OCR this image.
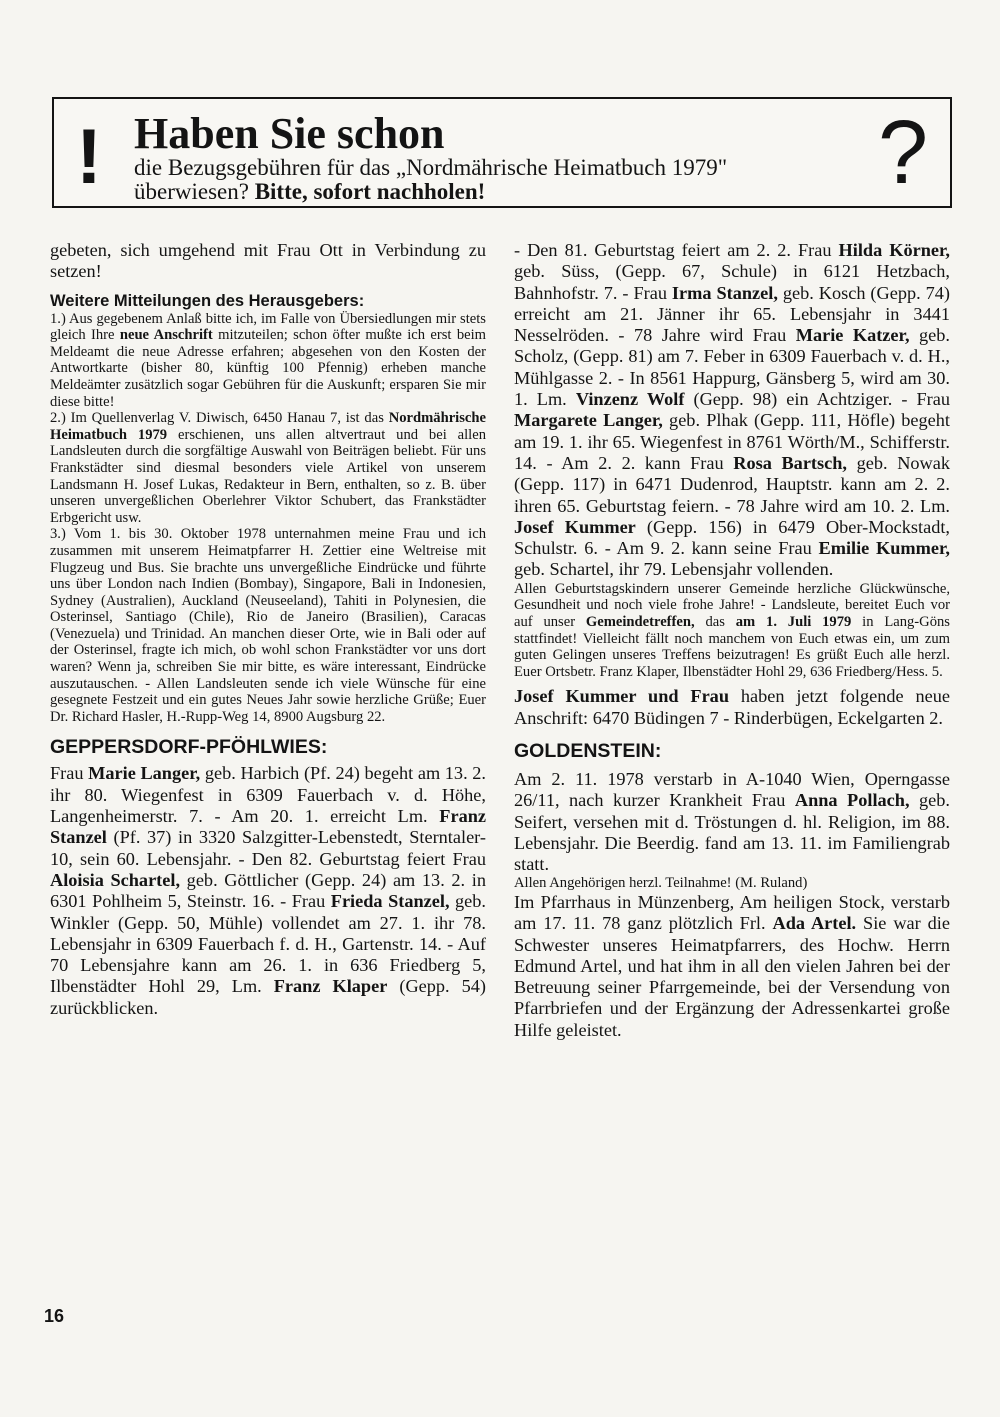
! Haben Sie schon
die Bezugsgebühren für das „Nordmährische Heimatbuch 1979"
überwiesen? Bitte, sofort nachholen!	?

gebeten, sich umgehend mit Frau Ott in Verbindung zu setzen!

Weitere Mitteilungen des Herausgebers:

1.) Aus gegebenem Anlaß bitte ich, im Falle von Übersiedlungen mir stets gleich Ihre neue Anschrift mitzuteilen; schon öfter mußte ich erst beim Meldeamt die neue Adresse erfahren; abgesehen von den Kosten der Antwortkarte (bisher 80, künftig 100 Pfennig) erheben manche Meldeämter zusätzlich sogar Gebühren für die Auskunft; ersparen Sie mir diese bitte!

2.) Im Quellenverlag V. Diwisch, 6450 Hanau 7, ist das Nordmährische Heimatbuch 1979 erschienen, uns allen altvertraut und bei allen Landsleuten durch die sorgfältige Auswahl von Beiträgen beliebt. Für uns Frankstädter sind diesmal besonders viele Artikel von unserem Landsmann H. Josef Lukas, Redakteur in Bern, enthalten, so z. B. über unseren unvergeßlichen Oberlehrer Viktor Schubert, das Frankstädter Erbgericht usw.

3.) Vom 1. bis 30. Oktober 1978 unternahmen meine Frau und ich zusammen mit unserem Heimatpfarrer H. Zettier eine Weltreise mit Flugzeug und Bus. Sie brachte uns unvergeßliche Eindrücke und führte uns über London nach Indien (Bombay), Singapore, Bali in Indonesien, Sydney (Australien), Auckland (Neuseeland), Tahiti in Polynesien, die Osterinsel, Santiago (Chile), Rio de Janeiro (Brasilien), Caracas (Venezuela) und Trinidad. An manchen dieser Orte, wie in Bali oder auf der Osterinsel, fragte ich mich, ob wohl schon Frankstädter vor uns dort waren? Wenn ja, schreiben Sie mir bitte, es wäre interessant, Eindrücke auszutauschen. - Allen Landsleuten sende ich viele Wünsche für eine gesegnete Festzeit und ein gutes Neues Jahr sowie herzliche Grüße; Euer Dr. Richard Hasler, H.-Rupp-Weg 14, 8900 Augsburg 22.

GEPPERSDORF-PFÖHLWIES:

Frau Marie Langer, geb. Harbich (Pf. 24) begeht am 13. 2. ihr 80. Wiegenfest in 6309 Fauerbach v. d. Höhe, Langenheimerstr. 7. - Am 20. 1. erreicht Lm. Franz Stanzel (Pf. 37) in 3320 Salzgitter-Lebenstedt, Sterntaler-10, sein 60. Lebensjahr. - Den 82. Geburtstag feiert Frau Aloisia Schartel, geb. Göttlicher (Gepp. 24) am 13. 2. in 6301 Pohlheim 5, Steinstr. 16. - Frau Frieda Stanzel, geb. Winkler (Gepp. 50, Mühle) vollendet am 27. 1. ihr 78. Lebensjahr in 6309 Fauerbach f. d. H., Gartenstr. 14. - Auf 70 Lebensjahre kann am 26. 1. in 636 Friedberg 5, Ilbenstädter Hohl 29, Lm. Franz Klaper (Gepp. 54) zurückblicken.

- Den 81. Geburtstag feiert am 2. 2. Frau Hilda Körner, geb. Süss, (Gepp. 67, Schule) in 6121 Hetzbach, Bahnhofstr. 7. - Frau Irma Stanzel, geb. Kosch (Gepp. 74) erreicht am 21. Jänner ihr 65. Lebensjahr in 3441 Nesselröden. - 78 Jahre wird Frau Marie Katzer, geb. Scholz, (Gepp. 81) am 7. Feber in 6309 Fauerbach v. d. H., Mühlgasse 2. - In 8561 Happurg, Gänsberg 5, wird am 30. 1. Lm. Vinzenz Wolf (Gepp. 98) ein Achtziger. - Frau Margarete Langer, geb. Plhak (Gepp. 111, Höfle) begeht am 19. 1. ihr 65. Wiegenfest in 8761 Wörth/M., Schifferstr. 14. - Am 2. 2. kann Frau Rosa Bartsch, geb. Nowak (Gepp. 117) in 6471 Dudenrod, Hauptstr. kann am 2. 2. ihren 65. Geburtstag feiern. - 78 Jahre wird am 10. 2. Lm. Josef Kummer (Gepp. 156) in 6479 Ober-Mockstadt, Schulstr. 6. - Am 9. 2. kann seine Frau Emilie Kummer, geb. Schartel, ihr 79. Lebensjahr vollenden.

Allen Geburtstagskindern unserer Gemeinde herzliche Glückwünsche, Gesundheit und noch viele frohe Jahre! - Landsleute, bereitet Euch vor auf unser Gemeindetreffen, das am 1. Juli 1979 in Lang-Göns stattfindet! Vielleicht fällt noch manchem von Euch etwas ein, um zum guten Gelingen unseres Treffens beizutragen! Es grüßt Euch alle herzl. Euer Ortsbetr. Franz Klaper, Ilbenstädter Hohl 29, 636 Friedberg/Hess. 5.

Josef Kummer und Frau haben jetzt folgende neue Anschrift: 6470 Büdingen 7 - Rinderbügen, Eckelgarten 2.

GOLDENSTEIN:

Am 2. 11. 1978 verstarb in A-1040 Wien, Operngasse 26/11, nach kurzer Krankheit Frau Anna Pollach, geb. Seifert, versehen mit d. Tröstungen d. hl. Religion, im 88. Lebensjahr. Die Beerdig. fand am 13. 11. im Familiengrab statt.

Allen Angehörigen herzl. Teilnahme! (M. Ruland)

Im Pfarrhaus in Münzenberg, Am heiligen Stock, verstarb am 17. 11. 78 ganz plötzlich Frl. Ada Artel. Sie war die Schwester unseres Heimatpfarrers, des Hochw. Herrn Edmund Artel, und hat ihm in all den vielen Jahren bei der Betreuung seiner Pfarrgemeinde, bei der Versendung von Pfarrbriefen und der Ergänzung der Adressenkartei große Hilfe geleistet.

16
